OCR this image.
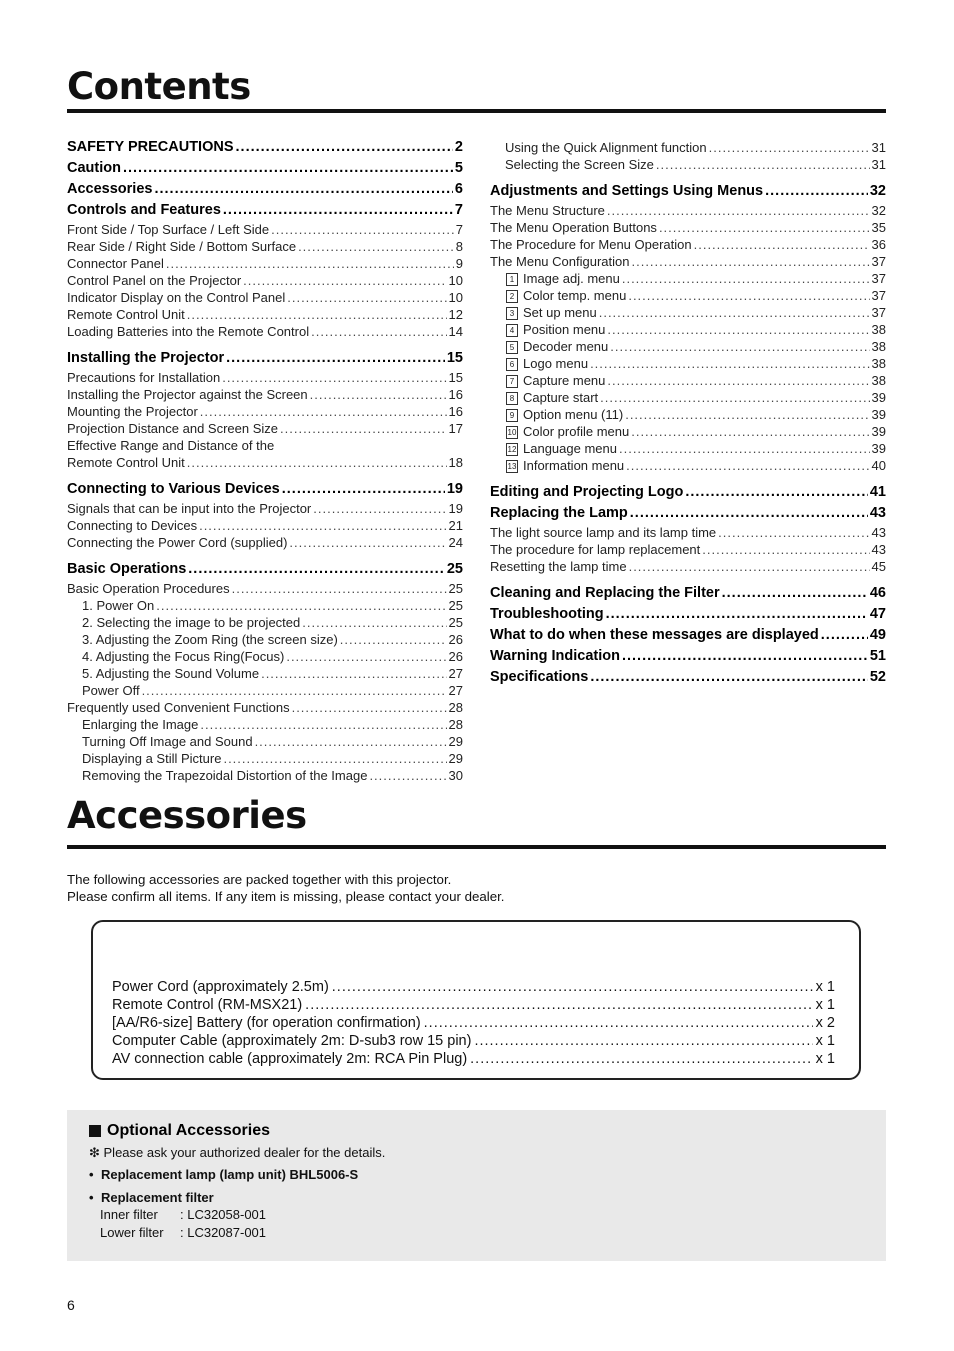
Contents
SAFETY PRECAUTIONS .....	2
Caution .....	5
Accessories .....	6
Controls and Features .....	7
Front Side / Top Surface / Left Side .....	7
Rear Side / Right Side / Bottom Surface .....	8
Connector Panel .....	9
Control Panel on the Projector .....	10
Indicator Display on the Control Panel .....	10
Remote Control Unit .....	12
Loading Batteries into the Remote Control .....	14
Installing the Projector .....	15
Precautions for Installation .....	15
Installing the Projector against the Screen .....	16
Mounting the Projector .....	16
Projection Distance and Screen Size .....	17
Effective Range and Distance of the
Remote Control Unit .....	18
Connecting to Various Devices .....	19
Signals that can be input into the Projector .....	19
Connecting to Devices .....	21
Connecting the Power Cord (supplied) .....	24
Basic Operations .....	25
Basic Operation Procedures .....	25
1. Power On .....	25
2. Selecting the image to be projected .....	25
3. Adjusting the Zoom Ring (the screen size) .....	26
4. Adjusting the Focus Ring(Focus) .....	26
5. Adjusting the Sound Volume .....	27
Power Off .....	27
Frequently used Convenient Functions .....	28
Enlarging the Image .....	28
Turning Off Image and Sound .....	29
Displaying a Still Picture .....	29
Removing the Trapezoidal Distortion of the Image .....	30
Using the Quick Alignment function .....	31
Selecting the Screen Size .....	31
Adjustments and Settings Using Menus .....	32
The Menu Structure .....	32
The Menu Operation Buttons .....	35
The Procedure for Menu Operation .....	36
The Menu Configuration .....	37
1 Image adj. menu .....	37
2 Color temp. menu .....	37
3 Set up menu .....	37
4 Position menu .....	38
5 Decoder menu .....	38
6 Logo menu .....	38
7 Capture menu .....	38
8 Capture start .....	39
9 Option menu (11) .....	39
10 Color profile menu .....	39
12 Language menu .....	39
13 Information menu .....	40
Editing and Projecting Logo .....	41
Replacing the Lamp .....	43
The light source lamp and its lamp time .....	43
The procedure for lamp replacement .....	43
Resetting the lamp time .....	45
Cleaning and Replacing the Filter .....	46
Troubleshooting .....	47
What to do when these messages are displayed .....	49
Warning Indication .....	51
Specifications .....	52
Accessories
The following accessories are packed together with this projector.
Please confirm all items. If any item is missing, please contact your dealer.
Power Cord (approximately 2.5m) .....	x 1
Remote Control (RM-MSX21) .....	x 1
[AA/R6-size] Battery (for operation confirmation) .....	x 2
Computer Cable (approximately 2m: D-sub3 row 15 pin) .....	x 1
AV connection cable (approximately 2m: RCA Pin Plug) .....	x 1
Optional Accessories
❇ Please ask your authorized dealer for the details.
• Replacement lamp (lamp unit) BHL5006-S
• Replacement filter
Inner filter : LC32058-001
Lower filter : LC32087-001
6
